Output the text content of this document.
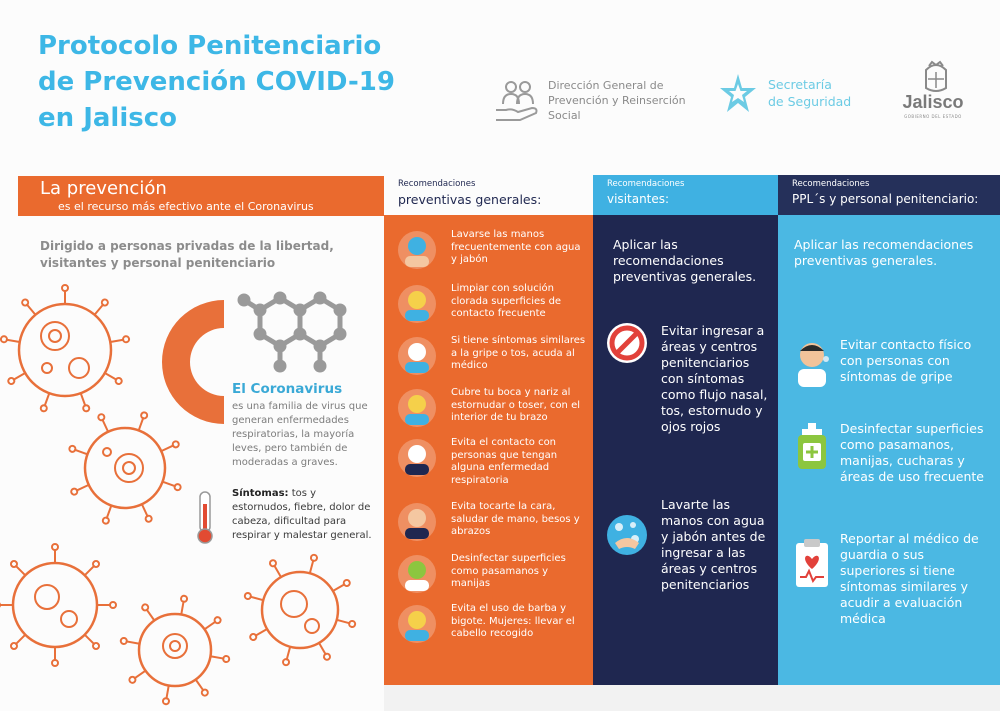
Protocolo Penitenciario
de Prevención COVID-19
en Jalisco
Dirección General de
Prevención y Reinserción
Social
Secretaría
de Seguridad	Jalisco
GOBIERNO DEL ESTADO
La prevención
es el recurso más efectivo ante el Coronavirus
Dirigido a personas privadas de la libertad, visitantes y personal penitenciario
El Coronavirus
es una familia de virus que generan enfermedades respiratorias, la mayoría leves, pero también de moderadas a graves.
Síntomas: tos y estornudos, fiebre, dolor de cabeza, dificultad para respirar y malestar general.
Recomendaciones
preventivas generales:
Lavarse las manos frecuentemente con agua y jabón
Limpiar con solución clorada superficies de contacto frecuente
Si tiene síntomas similares a la gripe o tos, acuda al médico
Cubre tu boca y nariz al estornudar o toser, con el interior de tu brazo
Evita el contacto con personas que tengan alguna enfermedad respiratoria
Evita tocarte la cara, saludar de mano, besos y abrazos
Desinfectar superficies como pasamanos y manijas
Evita el uso de barba y bigote. Mujeres: llevar el cabello recogido
Recomendaciones
visitantes:
Aplicar las recomendaciones preventivas generales.
Evitar ingresar a áreas y centros penitenciarios con síntomas como flujo nasal, tos, estornudo y ojos rojos
Lavarte las manos con agua y jabón antes de ingresar a las áreas y centros penitenciarios
Recomendaciones
PPL´s y personal penitenciario:
Aplicar las recomendaciones preventivas generales.
Evitar contacto físico con personas con síntomas de gripe
Desinfectar superficies como pasamanos, manijas, cucharas y áreas de uso frecuente
Reportar al médico de guardia o sus superiores si tiene síntomas similares y acudir a evaluación médica
